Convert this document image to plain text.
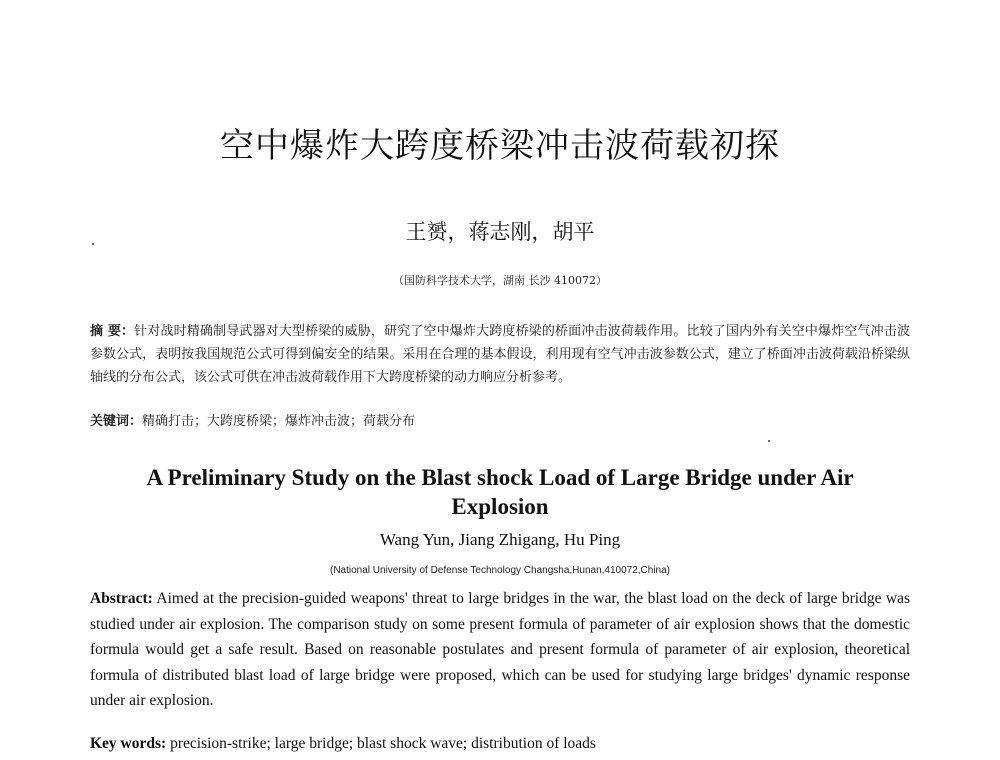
空中爆炸大跨度桥梁冲击波荷载初探
王赟，蒋志刚，胡平
（国防科学技术大学，湖南 长沙 410072）
摘 要：针对战时精确制导武器对大型桥梁的威胁，研究了空中爆炸大跨度桥梁的桥面冲击波荷载作用。比较了国内外有关空中爆炸空气冲击波参数公式，表明按我国规范公式可得到偏安全的结果。采用在合理的基本假设，利用现有空气冲击波参数公式，建立了桥面冲击波荷载沿桥梁纵轴线的分布公式，该公式可供在冲击波荷载作用下大跨度桥梁的动力响应分析参考。
关键词：精确打击；大跨度桥梁；爆炸冲击波；荷载分布
A Preliminary Study on the Blast shock Load of Large Bridge under Air Explosion
Wang Yun, Jiang Zhigang, Hu Ping
(National University of Defense Technology Changsha,Hunan,410072,China)
Abstract: Aimed at the precision-guided weapons' threat to large bridges in the war, the blast load on the deck of large bridge was studied under air explosion. The comparison study on some present formula of parameter of air explosion shows that the domestic formula would get a safe result. Based on reasonable postulates and present formula of parameter of air explosion, theoretical formula of distributed blast load of large bridge were proposed, which can be used for studying large bridges' dynamic response under air explosion.
Key words: precision-strike; large bridge; blast shock wave; distribution of loads
